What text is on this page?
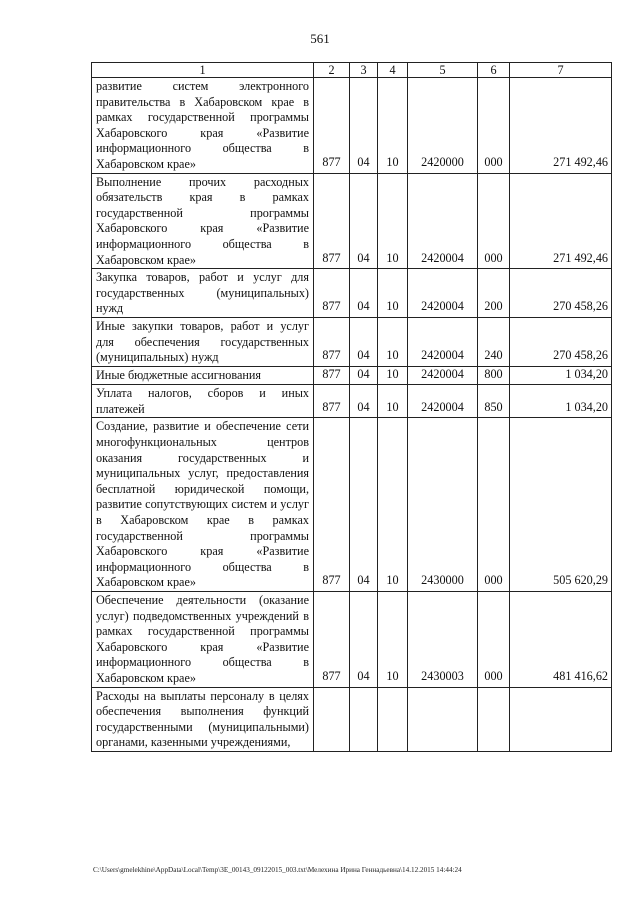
561
1	2	3	4	5	6	7
развитие систем электронного правительства в Хабаровском крае в рамках государственной программы Хабаровского края «Развитие информационного общества в Хабаровском крае»	877	04	10	2420000	000	271 492,46
Выполнение прочих расходных обязательств края в рамках государственной программы Хабаровского края «Развитие информационного общества в Хабаровском крае»	877	04	10	2420004	000	271 492,46
Закупка товаров, работ и услуг для государственных (муниципальных) нужд	877	04	10	2420004	200	270 458,26
Иные закупки товаров, работ и услуг для обеспечения государственных (муниципальных) нужд	877	04	10	2420004	240	270 458,26
Иные бюджетные ассигнования	877	04	10	2420004	800	1 034,20
Уплата налогов, сборов и иных платежей	877	04	10	2420004	850	1 034,20
Создание, развитие и обеспечение сети многофункциональных центров оказания государственных и муниципальных услуг, предоставления бесплатной юридической помощи, развитие сопутствующих систем и услуг в Хабаровском крае в рамках государственной программы Хабаровского края «Развитие информационного общества в Хабаровском крае»	877	04	10	2430000	000	505 620,29
Обеспечение деятельности (оказание услуг) подведомственных учреждений в рамках государственной программы Хабаровского края «Развитие информационного общества в Хабаровском крае»	877	04	10	2430003	000	481 416,62
Расходы на выплаты персоналу в целях обеспечения выполнения функций государственными (муниципальными) органами, казенными учреждениями,						
C:\Users\gmelekhine\AppData\Local\Temp\3E_00143_09122015_003.txt\Мелехина Ирина Геннадьевна\14.12.2015 14:44:24
